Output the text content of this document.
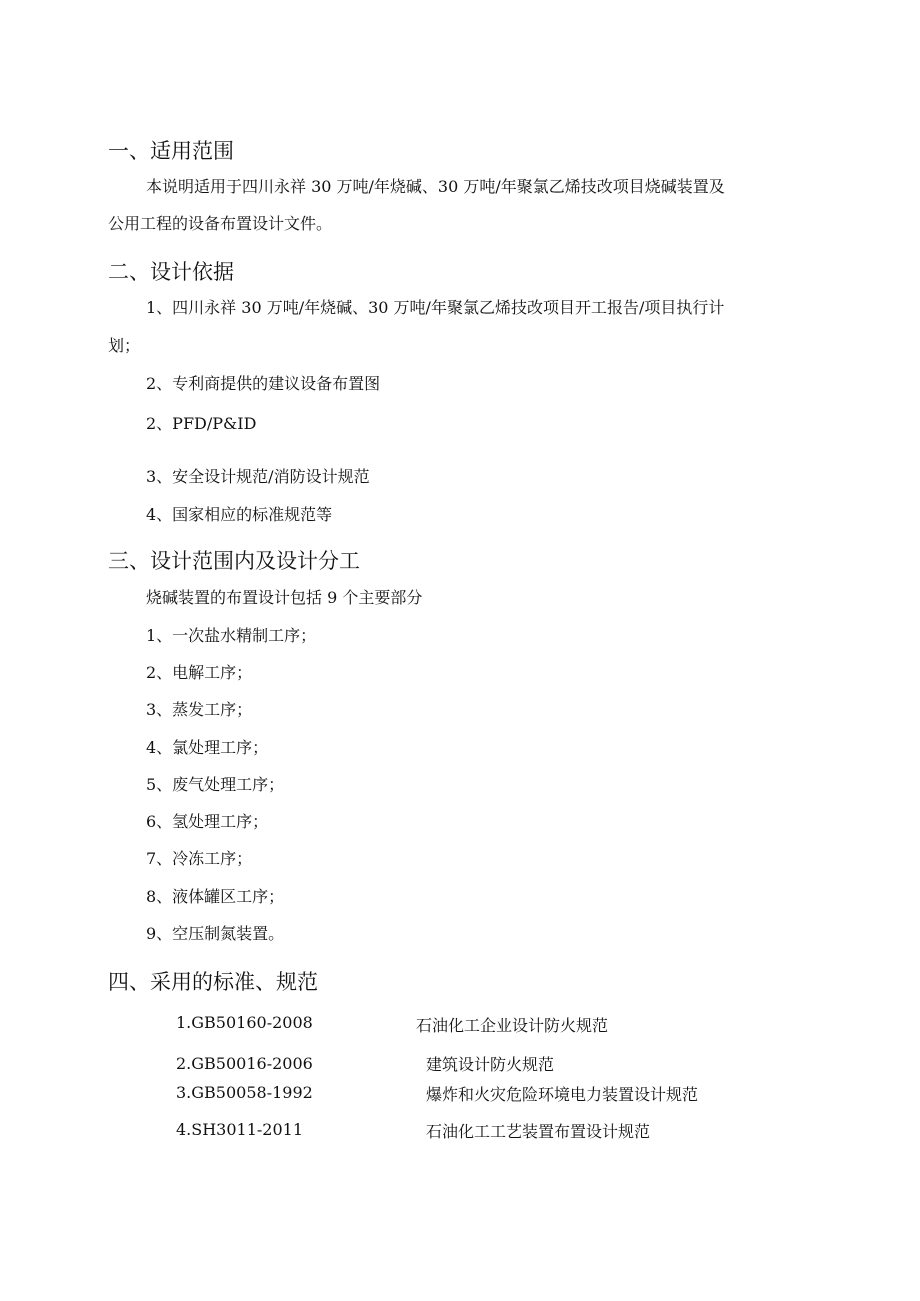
一、适用范围
本说明适用于四川永祥 30 万吨/年烧碱、30 万吨/年聚氯乙烯技改项目烧碱装置及
公用工程的设备布置设计文件。
二、设计依据
1、四川永祥 30 万吨/年烧碱、30 万吨/年聚氯乙烯技改项目开工报告/项目执行计
划；
2、专利商提供的建议设备布置图
2、PFD/P&ID
3、安全设计规范/消防设计规范
4、国家相应的标准规范等
三、设计范围内及设计分工
烧碱装置的布置设计包括 9 个主要部分
1、一次盐水精制工序；
2、电解工序；
3、蒸发工序；
4、氯处理工序；
5、废气处理工序；
6、氢处理工序；
7、冷冻工序；
8、液体罐区工序；
9、空压制氮装置。
四、采用的标准、规范
1.GB50160-2008	石油化工企业设计防火规范
2.GB50016-2006	建筑设计防火规范
3.GB50058-1992	爆炸和火灾危险环境电力装置设计规范
4.SH3011-2011	石油化工工艺装置布置设计规范
